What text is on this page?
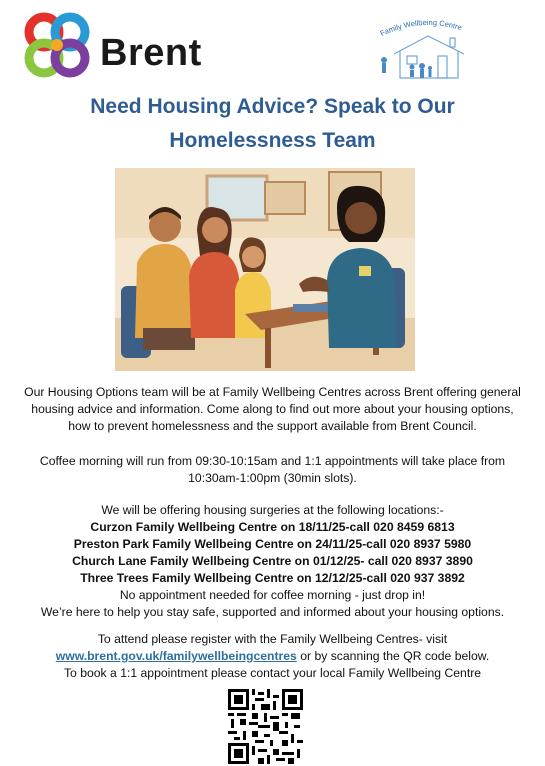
Brent	Family Wellbeing Centre
Need Housing Advice? Speak to Our
Homelessness Team
Our Housing Options team will be at Family Wellbeing Centres across Brent offering general
housing advice and information. Come along to find out more about your housing options,
how to prevent homelessness and the support available from Brent Council.
Coffee morning will run from 09:30-10:15am and 1:1 appointments will take place from
10:30am-1:00pm (30min slots).
We will be offering housing surgeries at the following locations:-
Curzon Family Wellbeing Centre on 18/11/25-call 020 8459 6813
Preston Park Family Wellbeing Centre on 24/11/25-call 020 8937 5980
Church Lane Family Wellbeing Centre on 01/12/25- call 020 8937 3890
Three Trees Family Wellbeing Centre on 12/12/25-call 020 937 3892
No appointment needed for coffee morning - just drop in!
We’re here to help you stay safe, supported and informed about your housing options.
To attend please register with the Family Wellbeing Centres- visit
www.brent.gov.uk/familywellbeingcentres or by scanning the QR code below.
To book a 1:1 appointment please contact your local Family Wellbeing Centre
